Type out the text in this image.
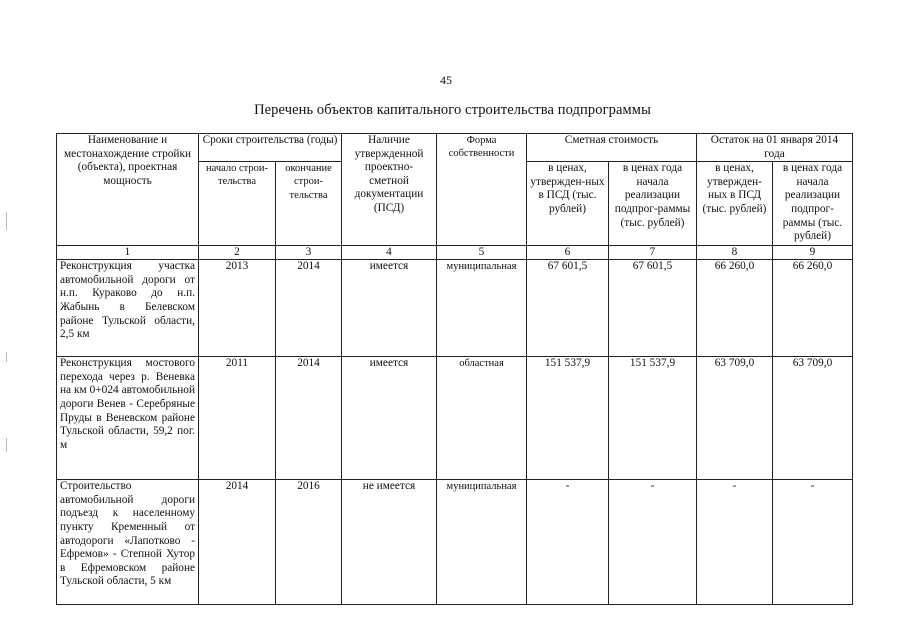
45
Перечень объектов капитального строительства подпрограммы
Наименование и местонахождение стройки (объекта), проектная мощность	Сроки строительства (годы)		Наличие утвержденной проектно-сметной документации (ПСД)	Форма собственности	Сметная стоимость		Остаток на 01 января 2014 года	
	начало строи-тельства	окончание строи-тельства			в ценах, утвержден-ных в ПСД (тыс. рублей)	в ценах года начала реализации подпрог-раммы (тыс. рублей)	в ценах, утвержден-ных в ПСД (тыс. рублей)	в ценах года начала реализации подпрог-раммы (тыс. рублей)
1	2	3	4	5	6	7	8	9
Реконструкция участка автомобильной дороги от н.п. Кураково до н.п. Жабынь в Белевском районе Тульской области, 2,5 км	2013	2014	имеется	муниципальная	67 601,5	67 601,5	66 260,0	66 260,0
Реконструкция мостового перехода через р. Веневка на км 0+024 автомобильной дороги Венев - Серебряные Пруды в Веневском районе Тульской области, 59,2 пог. м	2011	2014	имеется	областная	151 537,9	151 537,9	63 709,0	63 709,0
Строительство автомобильной дороги подъезд к населенному пункту Кременный от автодороги «Лапотково - Ефремов» - Степной Хутор в Ефремовском районе Тульской области, 5 км	2014	2016	не имеется	муниципальная	-	-	-	-
